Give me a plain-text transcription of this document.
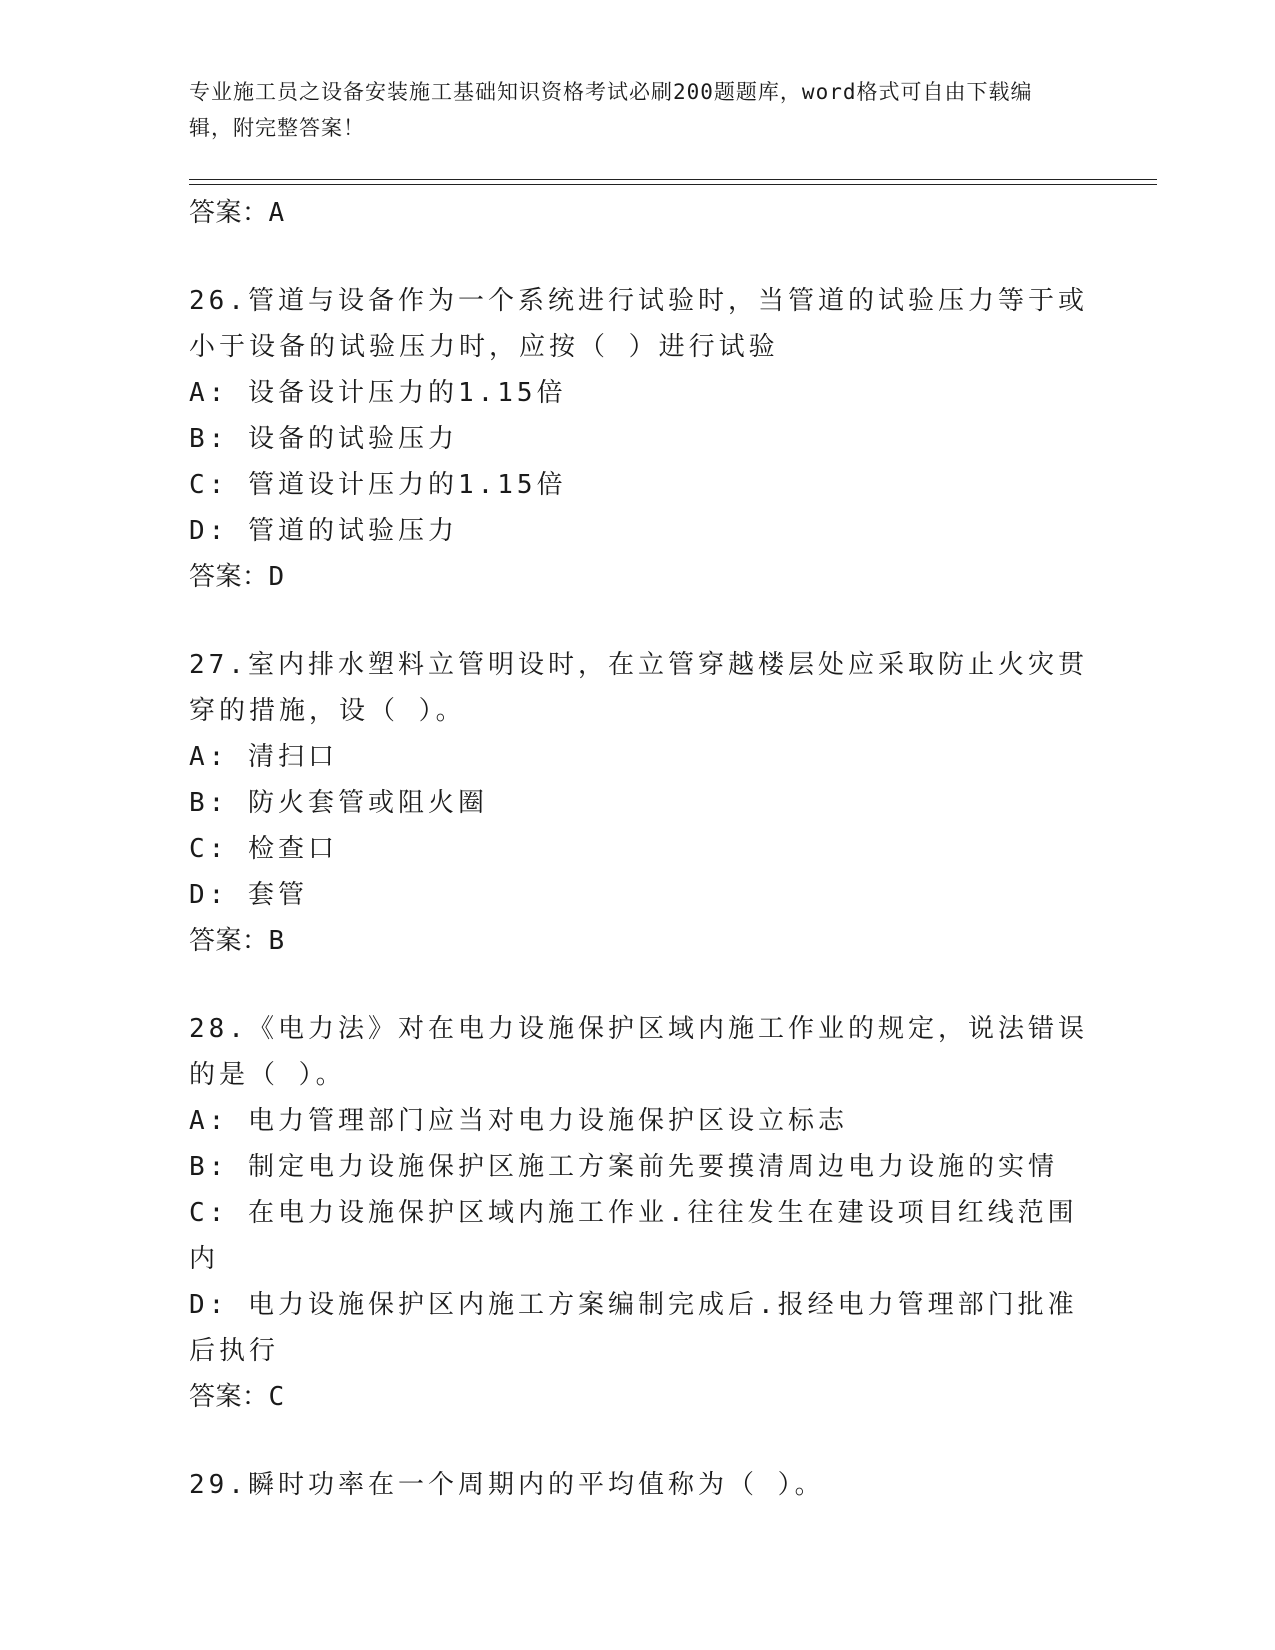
专业施工员之设备安装施工基础知识资格考试必刷200题题库，word格式可自由下载编辑，附完整答案！
答案：A

26.管道与设备作为一个系统进行试验时，当管道的试验压力等于或小于设备的试验压力时，应按（ ）进行试验

A: 设备设计压力的1.15倍

B: 设备的试验压力

C: 管道设计压力的1.15倍

D: 管道的试验压力

答案：D

27.室内排水塑料立管明设时，在立管穿越楼层处应采取防止火灾贯穿的措施，设（ ）。

A: 清扫口

B: 防火套管或阻火圈

C: 检查口

D: 套管

答案：B

28.《电力法》对在电力设施保护区域内施工作业的规定，说法错误的是（ ）。

A: 电力管理部门应当对电力设施保护区设立标志

B: 制定电力设施保护区施工方案前先要摸清周边电力设施的实情

C: 在电力设施保护区域内施工作业.往往发生在建设项目红线范围内

D: 电力设施保护区内施工方案编制完成后.报经电力管理部门批准后执行

答案：C

29.瞬时功率在一个周期内的平均值称为（ ）。
